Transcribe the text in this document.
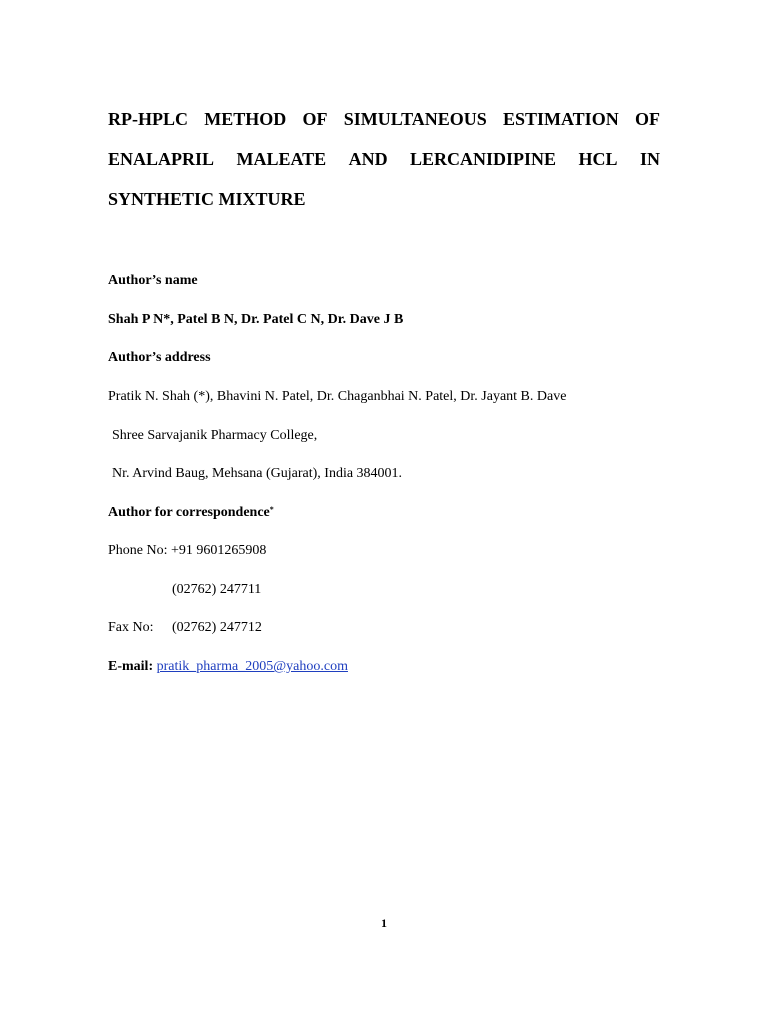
RP-HPLC METHOD OF SIMULTANEOUS ESTIMATION OF
ENALAPRIL MALEATE AND LERCANIDIPINE HCL IN
SYNTHETIC MIXTURE
Author’s name
Shah P N*, Patel B N, Dr. Patel C N, Dr. Dave J B
Author’s address
Pratik N. Shah (*), Bhavini N. Patel, Dr. Chaganbhai N. Patel, Dr. Jayant B. Dave
Shree Sarvajanik Pharmacy College,
Nr. Arvind Baug, Mehsana (Gujarat), India 384001.
Author for correspondence*
Phone No: +91 9601265908
(02762) 247711
Fax No: (02762) 247712
E-mail: pratik_pharma_2005@yahoo.com
1
